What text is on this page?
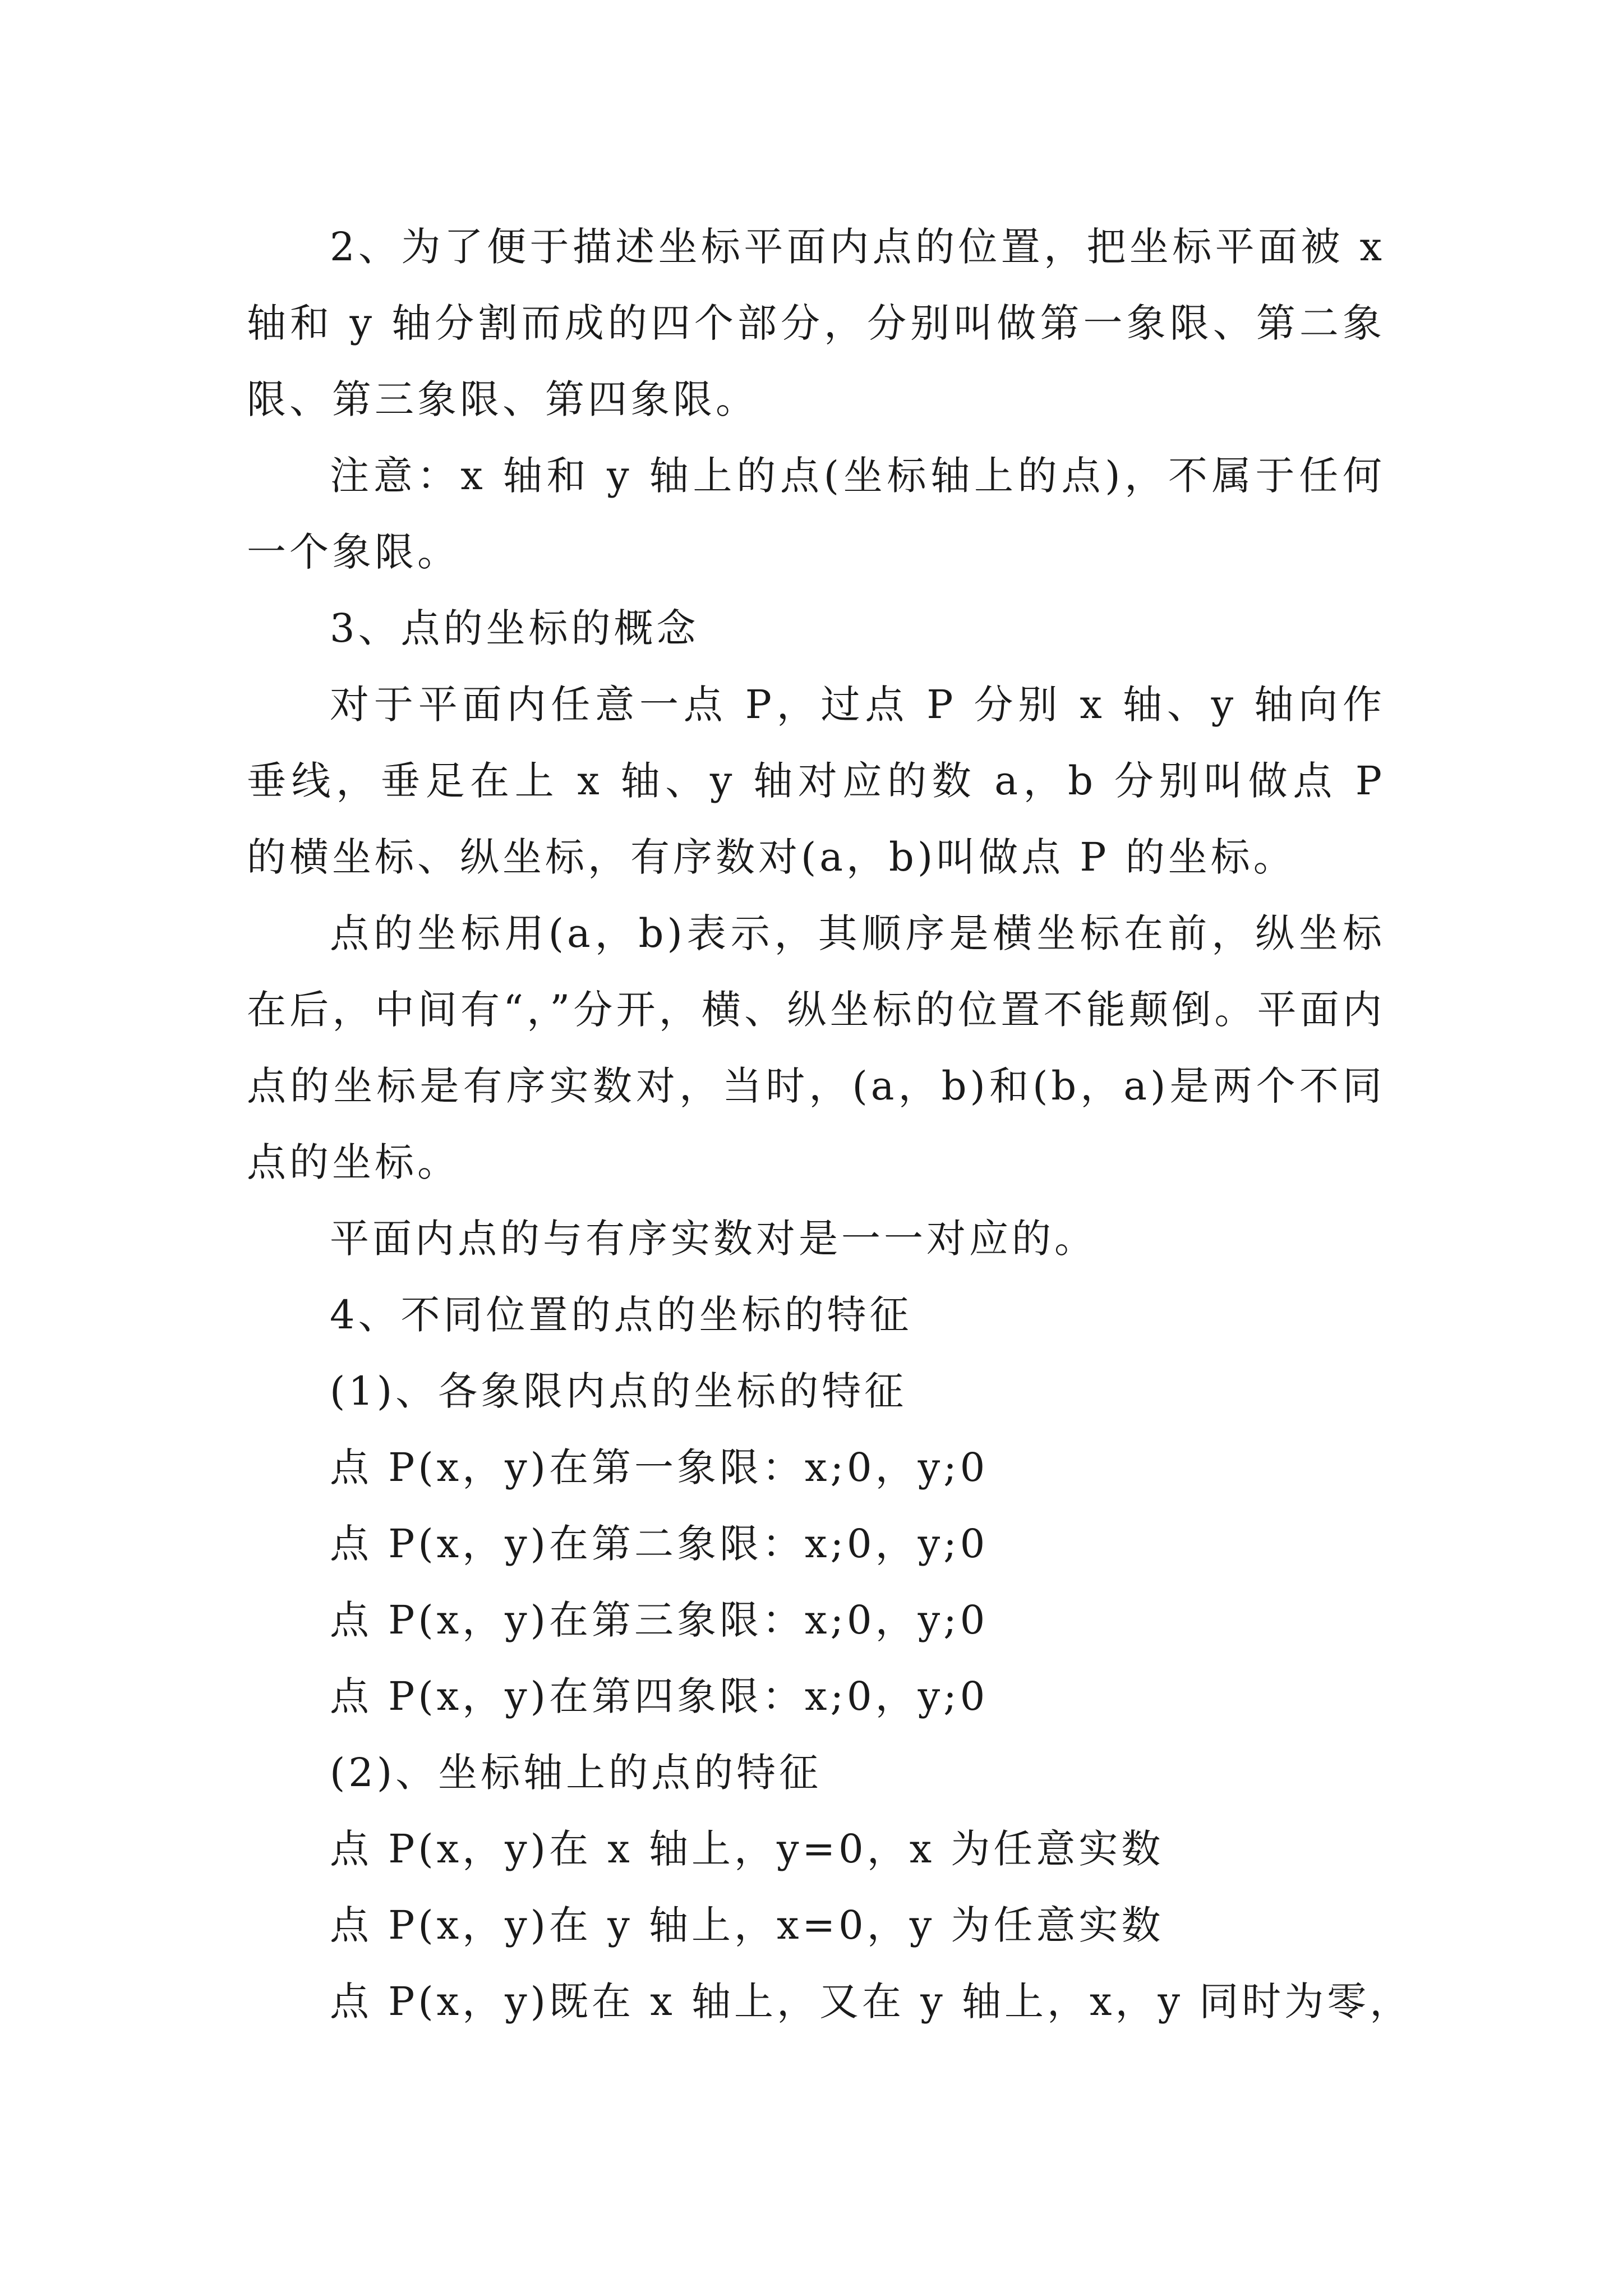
2、为了便于描述坐标平面内点的位置，把坐标平面被 x 轴和 y 轴分割而成的四个部分，分别叫做第一象限、第二象限、第三象限、第四象限。

注意：x 轴和 y 轴上的点(坐标轴上的点)，不属于任何一个象限。

3、点的坐标的概念

对于平面内任意一点 P，过点 P 分别 x 轴、y 轴向作垂线，垂足在上 x 轴、y 轴对应的数 a，b 分别叫做点 P 的横坐标、纵坐标，有序数对(a，b)叫做点 P 的坐标。

点的坐标用(a，b)表示，其顺序是横坐标在前，纵坐标在后，中间有“，”分开，横、纵坐标的位置不能颠倒。平面内点的坐标是有序实数对，当时，(a，b)和(b，a)是两个不同点的坐标。

平面内点的与有序实数对是一一对应的。

4、不同位置的点的坐标的特征

(1)、各象限内点的坐标的特征

点 P(x，y)在第一象限：x;0，y;0

点 P(x，y)在第二象限：x;0，y;0

点 P(x，y)在第三象限：x;0，y;0

点 P(x，y)在第四象限：x;0，y;0

(2)、坐标轴上的点的特征

点 P(x，y)在 x 轴上，y=0，x 为任意实数

点 P(x，y)在 y 轴上，x=0，y 为任意实数

点 P(x，y)既在 x 轴上，又在 y 轴上，x，y 同时为零，
